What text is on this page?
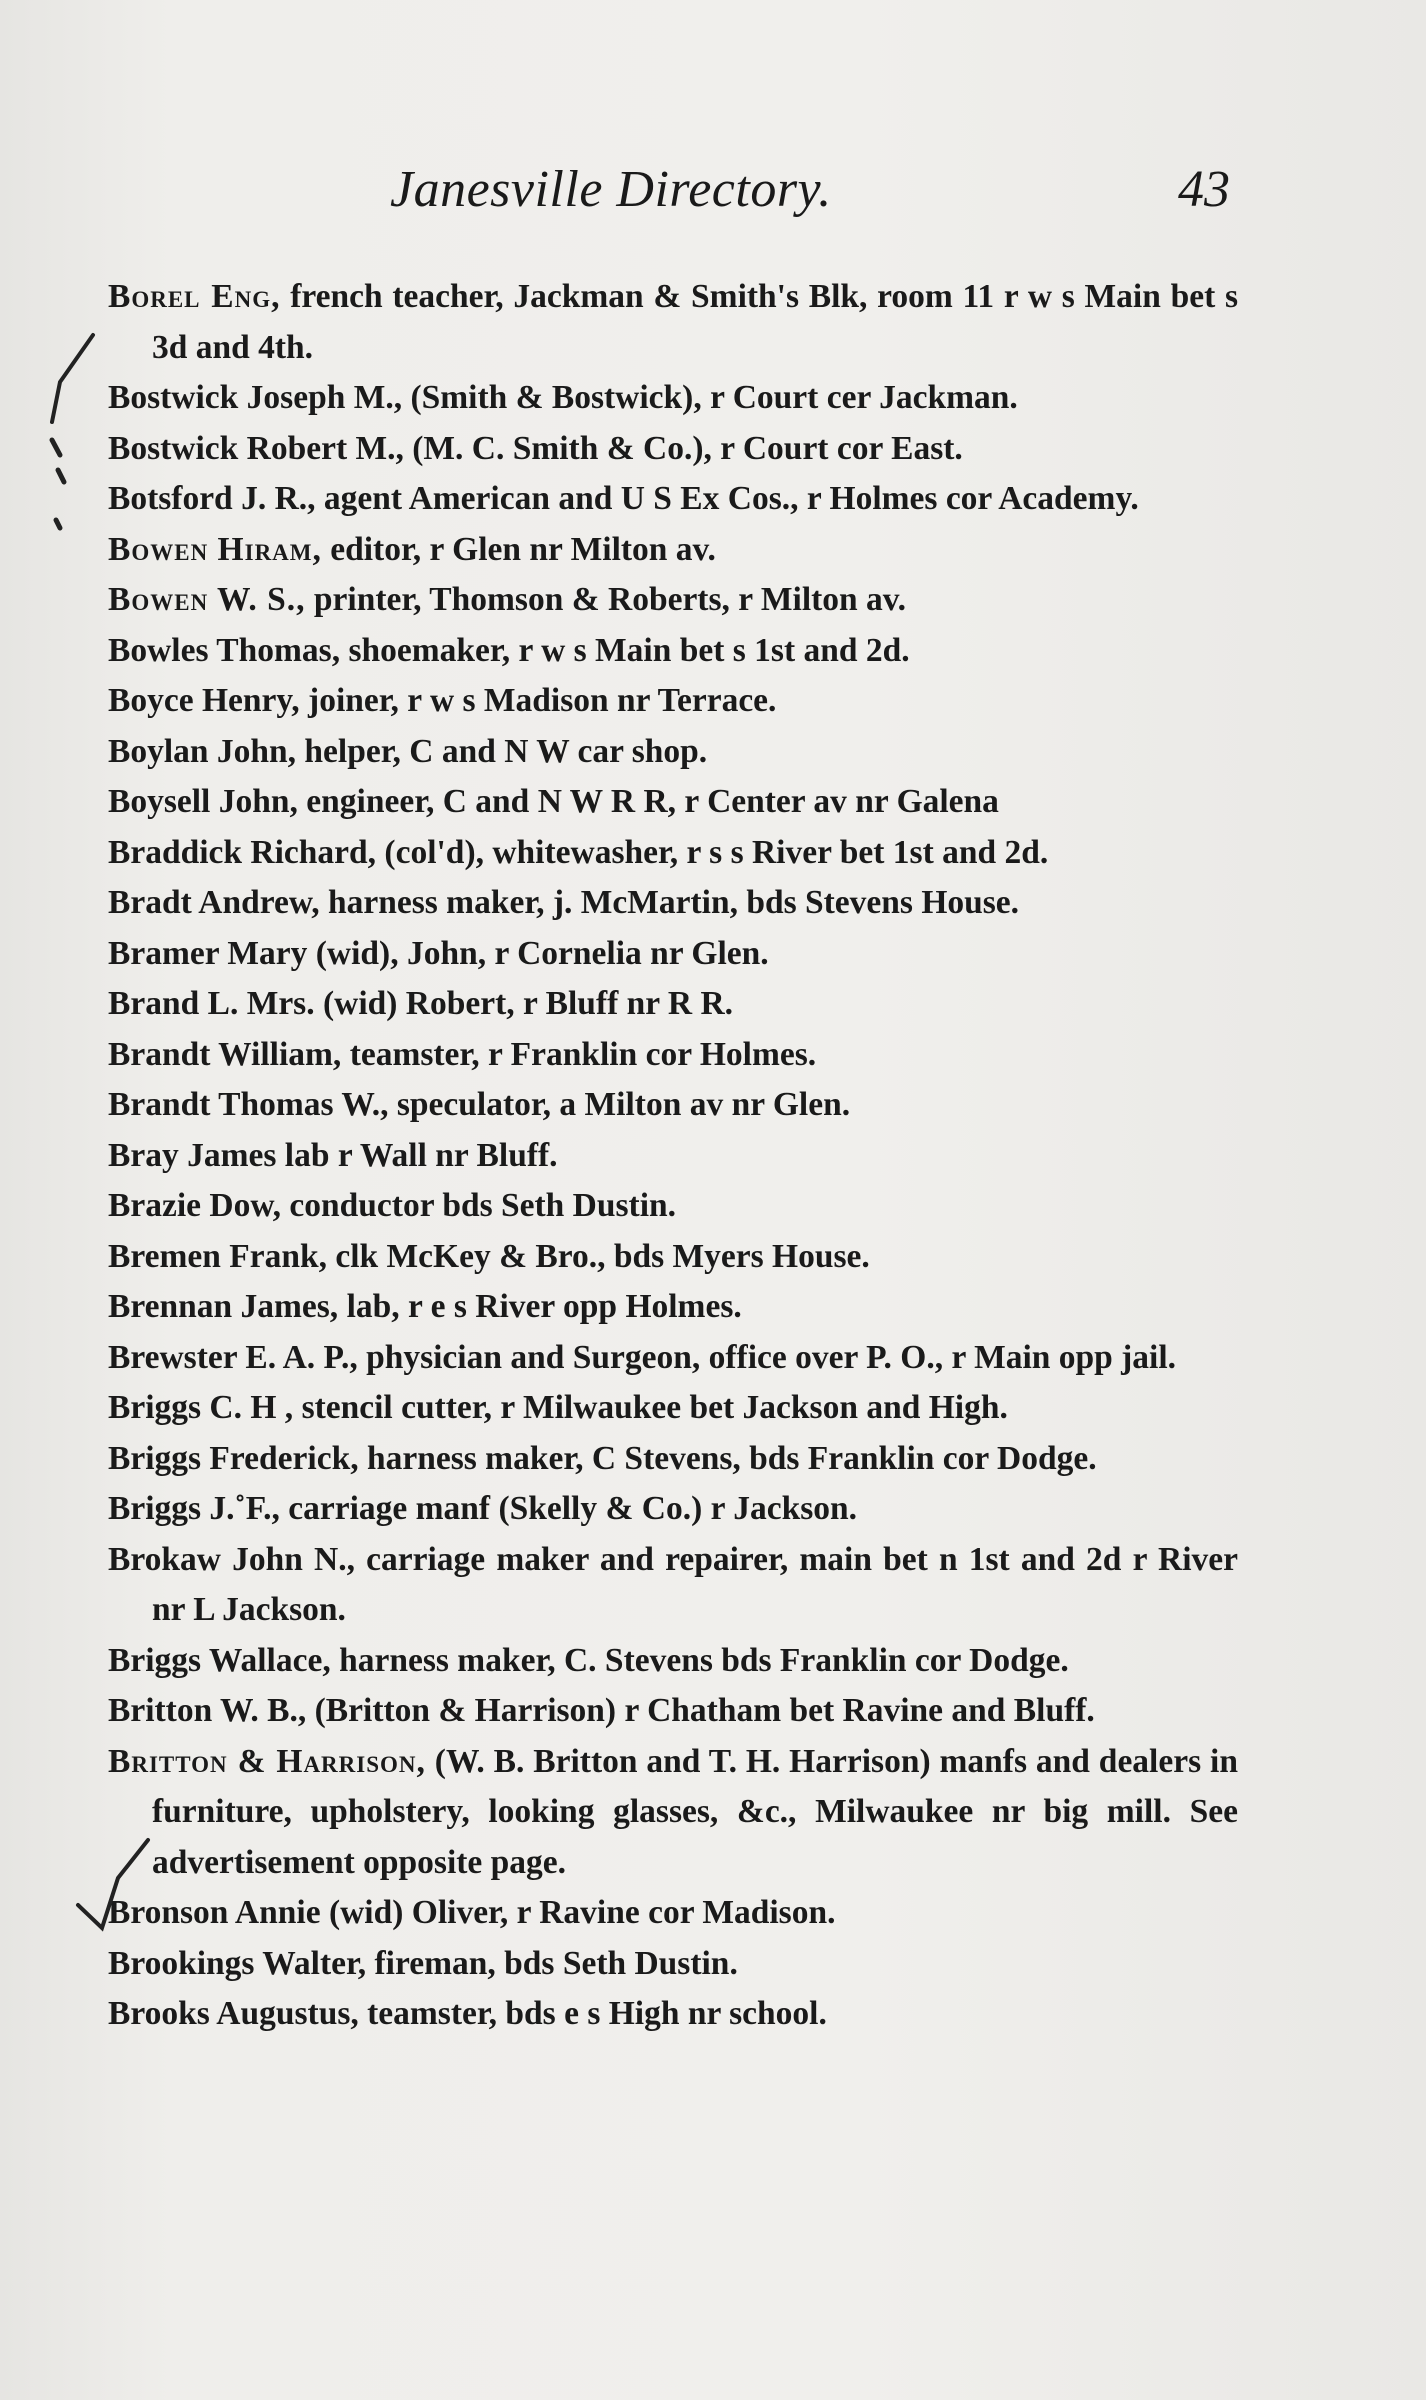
Janesville Directory.	43
Borel Eng, french teacher, Jackman & Smith's Blk, room 11 r w s Main bet s 3d and 4th.
Bostwick Joseph M., (Smith & Bostwick), r Court cer Jackman.
Bostwick Robert M., (M. C. Smith & Co.), r Court cor East.
Botsford J. R., agent American and U S Ex Cos., r Holmes cor Academy.
Bowen Hiram, editor, r Glen nr Milton av.
Bowen W. S., printer, Thomson & Roberts, r Milton av.
Bowles Thomas, shoemaker, r w s Main bet s 1st and 2d.
Boyce Henry, joiner, r w s Madison nr Terrace.
Boylan John, helper, C and N W car shop.
Boysell John, engineer, C and N W R R, r Center av nr Galena
Braddick Richard, (col'd), whitewasher, r s s River bet 1st and 2d.
Bradt Andrew, harness maker, j. McMartin, bds Stevens House.
Bramer Mary (wid), John, r Cornelia nr Glen.
Brand L. Mrs. (wid) Robert, r Bluff nr R R.
Brandt William, teamster, r Franklin cor Holmes.
Brandt Thomas W., speculator, a Milton av nr Glen.
Bray James lab r Wall nr Bluff.
Brazie Dow, conductor bds Seth Dustin.
Bremen Frank, clk McKey & Bro., bds Myers House.
Brennan James, lab, r e s River opp Holmes.
Brewster E. A. P., physician and Surgeon, office over P. O., r Main opp jail.
Briggs C. H , stencil cutter, r Milwaukee bet Jackson and High.
Briggs Frederick, harness maker, C Stevens, bds Franklin cor Dodge.
Briggs J.˚F., carriage manf (Skelly & Co.) r Jackson.
Brokaw John N., carriage maker and repairer, main bet n 1st and 2d r River nr L Jackson.
Briggs Wallace, harness maker, C. Stevens bds Franklin cor Dodge.
Britton W. B., (Britton & Harrison) r Chatham bet Ravine and Bluff.
Britton & Harrison, (W. B. Britton and T. H. Harrison) manfs and dealers in furniture, upholstery, looking glasses, &c., Milwaukee nr big mill. See advertisement opposite page.
Bronson Annie (wid) Oliver, r Ravine cor Madison.
Brookings Walter, fireman, bds Seth Dustin.
Brooks Augustus, teamster, bds e s High nr school.
